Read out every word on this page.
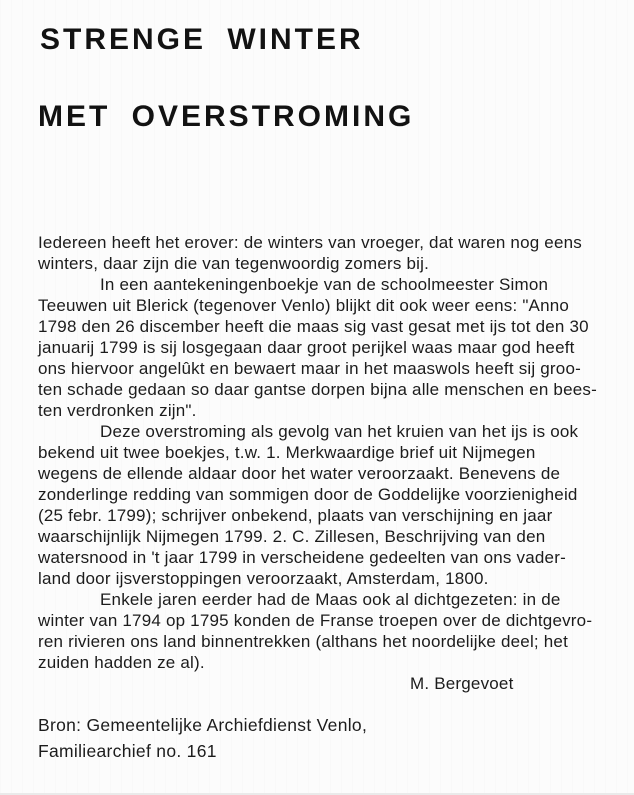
STRENGE WINTER
MET OVERSTROMING
Iedereen heeft het erover: de winters van vroeger, dat waren nog eens
winters, daar zijn die van tegenwoordig zomers bij.
In een aantekeningenboekje van de schoolmeester Simon
Teeuwen uit Blerick (tegenover Venlo) blijkt dit ook weer eens: "Anno
1798 den 26 discember heeft die maas sig vast gesat met ijs tot den 30
januarij 1799 is sij losgegaan daar groot perijkel waas maar god heeft
ons hiervoor angelûkt en bewaert maar in het maaswols heeft sij groo-
ten schade gedaan so daar gantse dorpen bijna alle menschen en bees-
ten verdronken zijn".
Deze overstroming als gevolg van het kruien van het ijs is ook
bekend uit twee boekjes, t.w. 1. Merkwaardige brief uit Nijmegen
wegens de ellende aldaar door het water veroorzaakt. Benevens de
zonderlinge redding van sommigen door de Goddelijke voorzienigheid
(25 febr. 1799); schrijver onbekend, plaats van verschijning en jaar
waarschijnlijk Nijmegen 1799. 2. C. Zillesen, Beschrijving van den
watersnood in 't jaar 1799 in verscheidene gedeelten van ons vader-
land door ijsverstoppingen veroorzaakt, Amsterdam, 1800.
Enkele jaren eerder had de Maas ook al dichtgezeten: in de
winter van 1794 op 1795 konden de Franse troepen over de dichtgevro-
ren rivieren ons land binnentrekken (althans het noordelijke deel; het
zuiden hadden ze al).
M. Bergevoet
Bron: Gemeentelijke Archiefdienst Venlo,
Familiearchief no. 161
